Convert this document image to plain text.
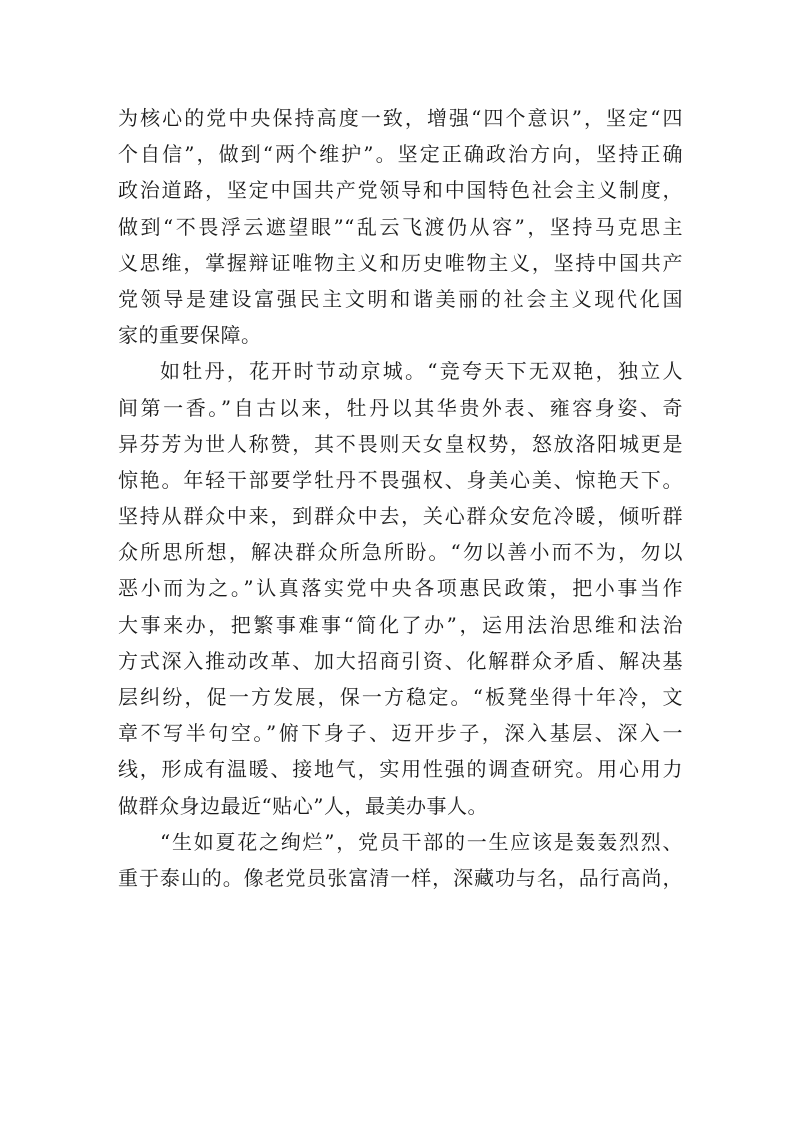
为核心的党中央保持高度一致，增强“四个意识”，坚定“四
个自信”，做到“两个维护”。坚定正确政治方向，坚持正确
政治道路，坚定中国共产党领导和中国特色社会主义制度，
做到“不畏浮云遮望眼”“乱云飞渡仍从容”，坚持马克思主
义思维，掌握辩证唯物主义和历史唯物主义，坚持中国共产
党领导是建设富强民主文明和谐美丽的社会主义现代化国
家的重要保障。
如牡丹，花开时节动京城。“竞夸天下无双艳，独立人
间第一香。”自古以来，牡丹以其华贵外表、雍容身姿、奇
异芬芳为世人称赞，其不畏则天女皇权势，怒放洛阳城更是
惊艳。年轻干部要学牡丹不畏强权、身美心美、惊艳天下。
坚持从群众中来，到群众中去，关心群众安危冷暖，倾听群
众所思所想，解决群众所急所盼。“勿以善小而不为，勿以
恶小而为之。”认真落实党中央各项惠民政策，把小事当作
大事来办，把繁事难事“简化了办”，运用法治思维和法治
方式深入推动改革、加大招商引资、化解群众矛盾、解决基
层纠纷，促一方发展，保一方稳定。“板凳坐得十年冷，文
章不写半句空。”俯下身子、迈开步子，深入基层、深入一
线，形成有温暖、接地气，实用性强的调查研究。用心用力
做群众身边最近“贴心”人，最美办事人。
“生如夏花之绚烂”，党员干部的一生应该是轰轰烈烈、
重于泰山的。像老党员张富清一样，深藏功与名，品行高尚，
